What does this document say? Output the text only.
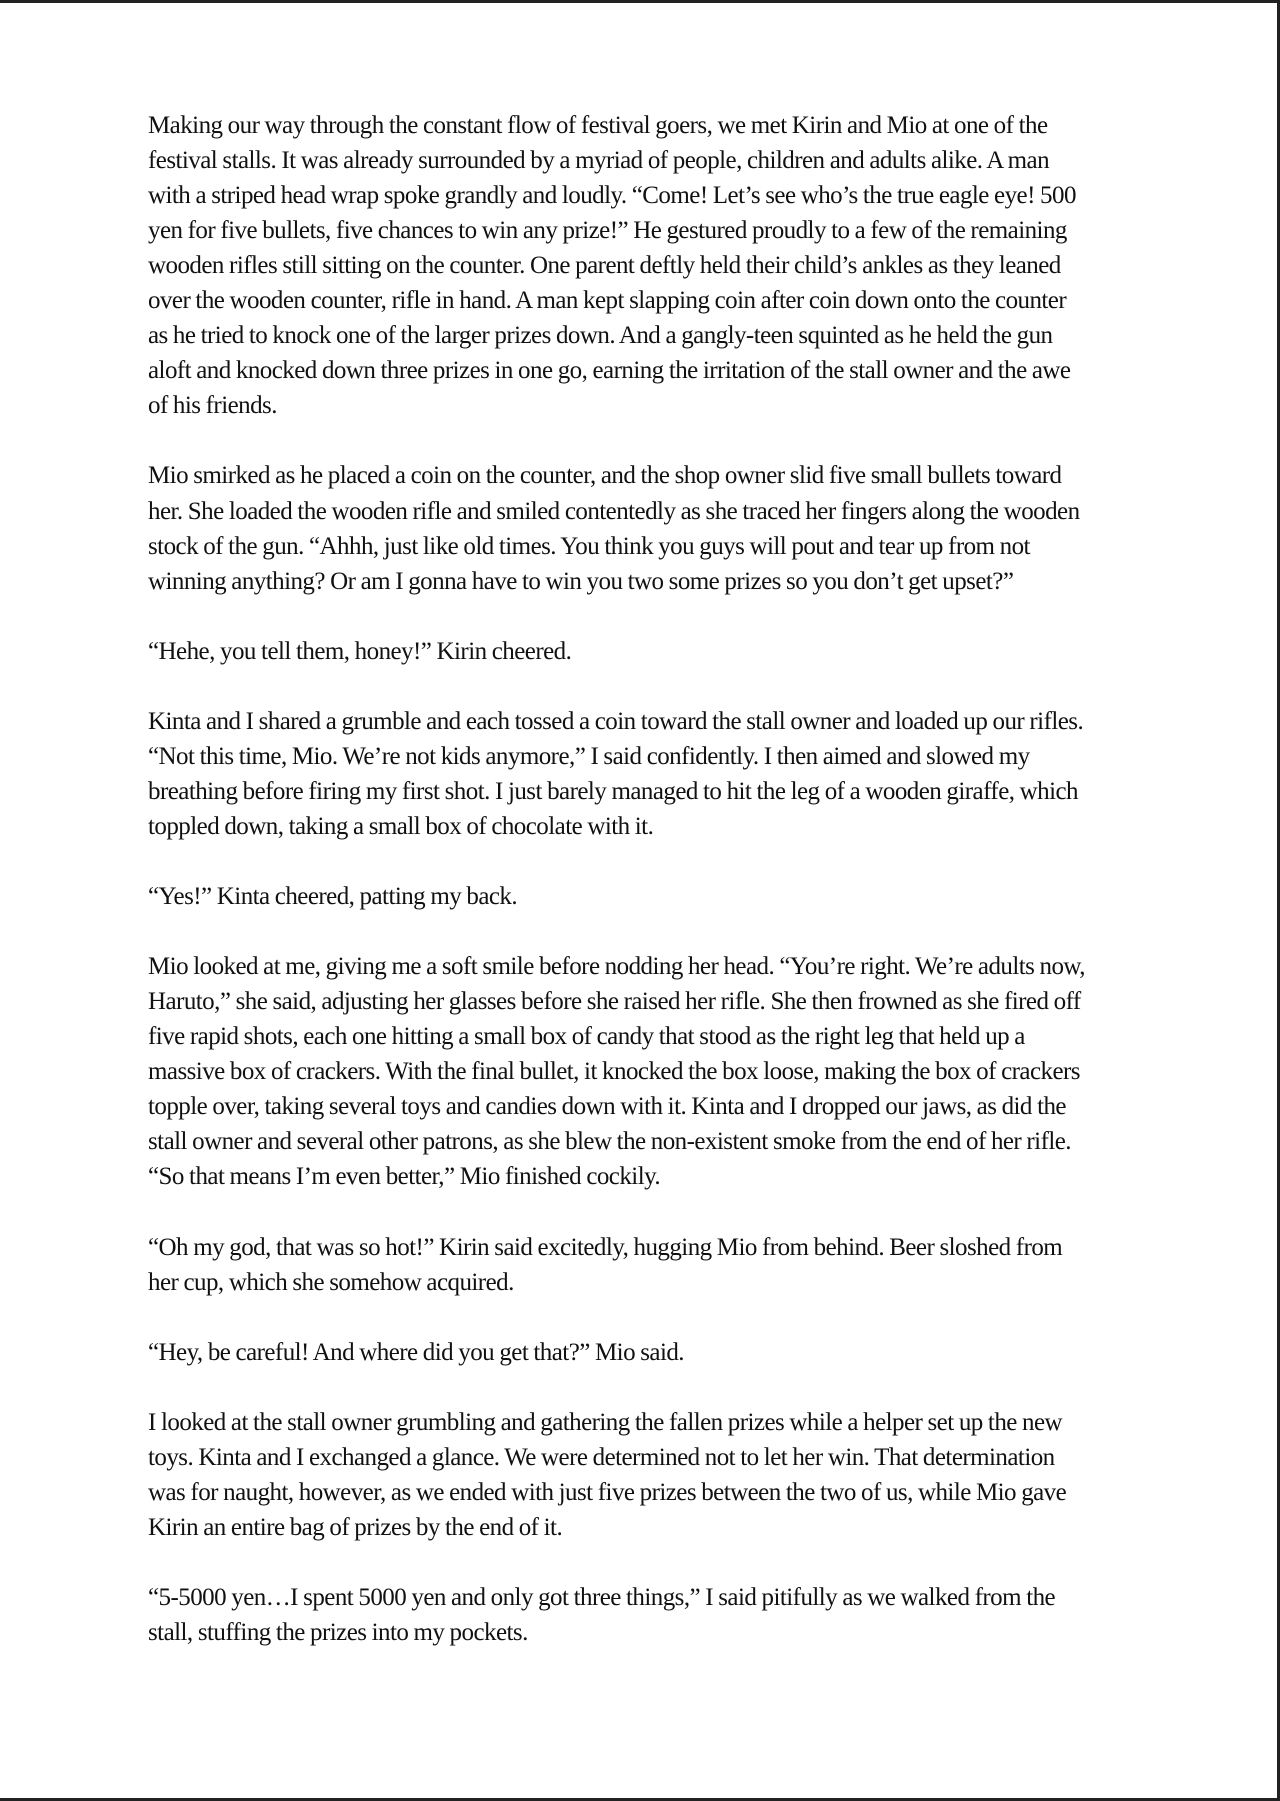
Making our way through the constant flow of festival goers, we met Kirin and Mio at one of the
festival stalls. It was already surrounded by a myriad of people, children and adults alike. A man
with a striped head wrap spoke grandly and loudly. “Come! Let’s see who’s the true eagle eye! 500
yen for five bullets, five chances to win any prize!” He gestured proudly to a few of the remaining
wooden rifles still sitting on the counter. One parent deftly held their child’s ankles as they leaned
over the wooden counter, rifle in hand. A man kept slapping coin after coin down onto the counter
as he tried to knock one of the larger prizes down. And a gangly-teen squinted as he held the gun
aloft and knocked down three prizes in one go, earning the irritation of the stall owner and the awe
of his friends.

Mio smirked as he placed a coin on the counter, and the shop owner slid five small bullets toward
her. She loaded the wooden rifle and smiled contentedly as she traced her fingers along the wooden
stock of the gun. “Ahhh, just like old times. You think you guys will pout and tear up from not
winning anything? Or am I gonna have to win you two some prizes so you don’t get upset?”

“Hehe, you tell them, honey!” Kirin cheered.

Kinta and I shared a grumble and each tossed a coin toward the stall owner and loaded up our rifles.
“Not this time, Mio. We’re not kids anymore,” I said confidently. I then aimed and slowed my
breathing before firing my first shot. I just barely managed to hit the leg of a wooden giraffe, which
toppled down, taking a small box of chocolate with it.

“Yes!” Kinta cheered, patting my back.

Mio looked at me, giving me a soft smile before nodding her head. “You’re right. We’re adults now,
Haruto,” she said, adjusting her glasses before she raised her rifle. She then frowned as she fired off
five rapid shots, each one hitting a small box of candy that stood as the right leg that held up a
massive box of crackers. With the final bullet, it knocked the box loose, making the box of crackers
topple over, taking several toys and candies down with it. Kinta and I dropped our jaws, as did the
stall owner and several other patrons, as she blew the non-existent smoke from the end of her rifle.
“So that means I’m even better,” Mio finished cockily.

“Oh my god, that was so hot!” Kirin said excitedly, hugging Mio from behind. Beer sloshed from
her cup, which she somehow acquired.

“Hey, be careful! And where did you get that?” Mio said.

I looked at the stall owner grumbling and gathering the fallen prizes while a helper set up the new
toys. Kinta and I exchanged a glance. We were determined not to let her win. That determination
was for naught, however, as we ended with just five prizes between the two of us, while Mio gave
Kirin an entire bag of prizes by the end of it.

“5-5000 yen…I spent 5000 yen and only got three things,” I said pitifully as we walked from the
stall, stuffing the prizes into my pockets.
